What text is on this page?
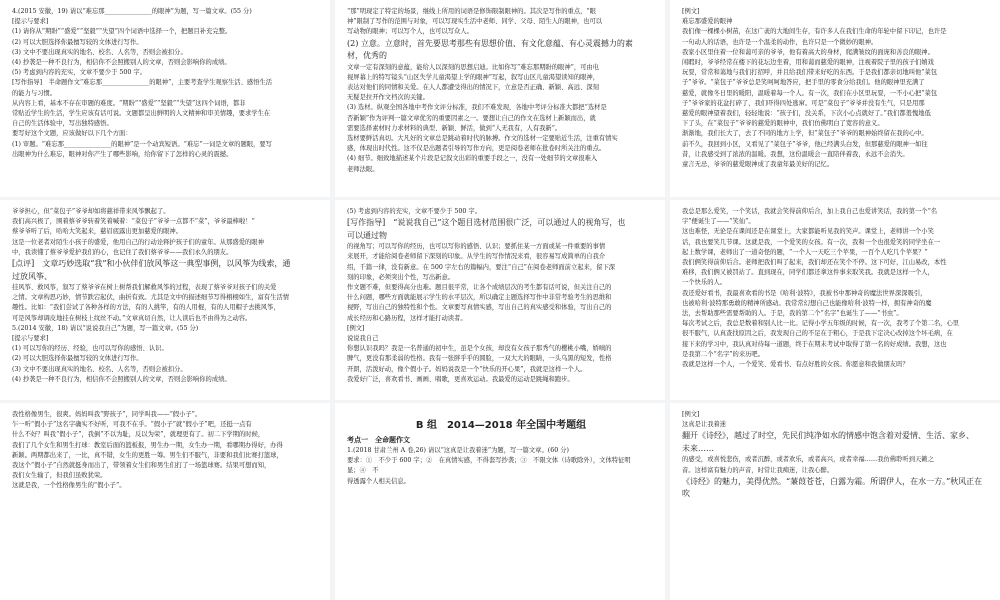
4.(2015 安徽，19) 请以“难忘那_______________的眼神”为题，写一篇文章。(55 分)

[提示与要求]

(1) 请你从“期盼”“盛爱”“坚毅”“失望”四个词语中选择一个，把题目补充完整。

(2) 可以大胆选择你最擅写较的文体进行写作。

(3) 文中不要出现真实的地名、校名、人名等，否则会被扣分。

(4) 抄袭是一种不良行为，相信你不会照搬别人的文章，否则会影响你的成绩。

(5) 考虑到内容的充实，文章不要少于 500 字。

[写作指导]　半命题作文“难忘那_______________的眼神”，主要考查学生观察生活、感悟生活

的能力与习惯。

从内容上看，基本不存在审题的难度。“期盼”“盛爱”“坚毅”“失望”这四个词语，都非

常贴近学生的生活，学生应该有话可说。文题都呈出鲜明的人文精神和审美情趣，要求学生在

自己的生活体验中，写出独特感悟。

要写好这个文题，应该做好以下几个方面：

(1) 审题。“难忘那_______________的眼神”是一个动宾短语。“难忘”一词是文章的题眼，要写

出眼神为什么难忘，眼神对你产生了哪些影响，给你留下了怎样的心灵的震撼。

“那”明现定了特定的场景，继线上所用的词语是修饰限制眼神的。其次是写作的重点，“眼

神”限制了写作的范围与对象，可以写现实生活中老师、同学、父母、陌生人的眼神，也可以

写动物的眼神；可以写个人，也可以写众人。

(2) 立意。立意时，首先要思考那些有思想价值、有文化意蕴、有心灵震撼力的素

材，优秀的

文章一定有深刻的意蕴，能给人以深刻的思想启迪。比如你写“难忘那期盼的眼神”，可由电

视屏幕上的特写镜头“山区失学儿童渴望上学的眼神”写起，叙写山区儿童渴望读知的眼神，

表达对他们的同情和关爱。在人人都遭受得出的情况下，立意是否正确、新颖、高远、深刻

无疑是拉开作文档次的关键。

(3) 选材。纵观全国各地中考作文评分标准，我们不难发现，各地中考评分标准大都把“选材是

否新颖”作为评判一篇文章优劣的重要因素之一。要想让自己的作文在选材上新颖而出，就

需要选择素材时力求材料的典型、新颖、鲜活，做到“人无我有，人有我新”。

选材要鲜活真切。大凡好的文章总是跳动着时代的脉搏。作文的选材一定要贴近生活，注重有情实

感，体现出时代性。这不仅是出题者引导的写作方向，更是阅卷老师在批卷时所关注的重点。

(4) 细节。细致地描述某个片段是记叙文出彩的重要手段之一，没有一处细节的文章很难入

老师法眼。

[例文]

难忘那盛爱的眼神

我们像一棵棵小树苗，在这广袤的大地间生存，有许多人在我们生命的年轮中留下印记，也许是

一句动人的话语，也许是一个温柔的动作，也许只是一个微妙的眼神。

我家小区里住着一位和蔼可亲的爷爷，他有着高大的身材，爬满皱纹的面庞和善良的眼神。

闲暇时，爷爷经常在楼下的花坛边坐着，用和蔼而慈爱的眼神，注视着院子里的孩子们嬉戏

玩耍，常常和蔼地与我们打招呼，并且给我们带来好吃的东西。于是我们都亲切地叫他“菜包

子”爷爷。“菜包子”爷爷总是笑呵呵地答应，把手里的零食分给我们。他的眼神里充满了

慈爱，就像冬日里的暖阳，温暖着每一个人。有一次，我们在小区里玩耍，一不小心把“菜包

子”爷爷家的花盆打碎了，我们吓得四处逃窜。可是“菜包子”爷爷并没有生气，只是用那

慈爱的眼神望着我们，轻轻地说：“孩子们，没关系，下次小心点就好了。”我们都羞愧地低

下了头，在“菜包子”爷爷的慈爱的眼神中，我们仿佛明白了宽容的意义。

渐渐地，我们长大了，去了不同的地方上学，但“菜包子”爷爷的眼神始终留在我的心中。

前不久，我回到小区，又看见了“菜包子”爷爷，他已经满头白发，但那慈爱的眼神一如往

昔，让我感受到了浓浓的温暖。我想，这份温暖会一直陪伴着我，永远不会消失。

童言无忌，爷爷的慈爱眼神成了我童年最美好的记忆。

爷爷担心，但“菜包子”爷爷却如将慈祥带来风筝飘起了。

我们高兴极了，围着蔡爷爷转着笑着喊着：“菜包子”爷爷一点都不“菜”，爷爷最棒啦！”

蔡爷爷听了后，哈哈大笑起来，慈眉底露出更加慈爱的眼神。

这是一位老者对陌生小孩子的盛爱，他用自己的行动诠释护孩子们的童年。从那盛爱的眼神

中，我读懂了蔡爷爷爱护我们的心，也记住了我们蔡爷爷——我们永久的朋友。

[点评]　文章巧妙选取“我”和小伙伴们放风筝这一典型事例，以风筝为线索，通

过放风筝、

挂风筝、救风筝，叙写了蔡爷爷在树上树帮我们解救风筝的过程，表现了蔡爷爷对孩子们的关爱

之情。文章构思巧妙，情节跌宕起伏，曲折有致。尤其是文中的描述细节写得栩栩如生，富有生活情

趣性。比如：“我们尝试了各种各样的方法，有的人挑竿，有的人用棍，有的人用帽子去挑风筝，

可是风筝却调皮地挂在树枝上纹丝不动。”文章真切自然，让人读后也不由得为之动容。

5.(2014 安徽，18) 请以“说说我自己”为题，写一篇文章。(55 分)

[提示与要求]

(1) 可以写你的经历、经验，也可以写你的感悟、认识。

(2) 可以大胆选择你最擅写较的文体进行写作。

(3) 文中不要出现真实的地名、校名、人名等，否则会被扣分。

(4) 抄袭是一种不良行为，相信你不会照搬别人的文章，否则会影响你的成绩。

(5) 考虑到内容的充实，文章不要少于 500 字。

[写作指导]　“说说我自己”这个题目选材范围很广泛，可以通过人的视角写，也

可以通过物

的视角写；可以写你的经历，也可以写你的感悟、认识；要抓住某一方面或某一件重要的事情

来展开，才能给阅卷老师留下深刻的印象。从学生的写作情况来看，很容易写成简单的自我介

绍，千篇一律，没有新意。在 500 字左右的篇幅内，要注“自己”在阅卷老师面前立起来，留下深

刻的印象，必须突出个性，写出新意。

作文题不难，但要得高分也难。题目很平常，让各个成绩层次的考生都有话可说，但关注自己的

什么问题，哪些方面就能展示学生的水平层次，所以确定主题选择写作中非常考验考生的思维和

视野，写出自己的独特性和个性。文章要写真情实感，写出自己的真实感受和体验，写出自己的

成长经历和心路历程，这样才能打动读者。

[例文]

说说我自己

你想认识我吗？我是一名普通的初中生，虽是个女孩，却没有女孩子那秀气的樱桃小嘴，娇嗔的

脾气，更没有那柔弱的性格。我有一张胖乎乎的圆脸，一双大大的眼睛，一头乌黑的短发，性格

开朗，活泼好动，像个假小子。妈妈说我是一个“快乐的开心果”，我就是这样一个人。

我爱好广泛，喜欢看书、画画、唱歌，更喜欢运动。我最爱的运动是跳绳和跑步。

我总是那么爱笑，一个笑话，我就会笑得前仰后合，加上我自己也爱讲笑话，我的第一个“名

字”便诞生了——“笑仙”。

这也难怪，无论是在课间还是在课堂上，大家都能听见我的笑声。课堂上，老师讲一个小笑

话，我也要笑几节课。这就是我，一个爱笑的女孩。有一次，我和一个也很爱笑的同学坐在一

起上数学课，老师出了一道奇怪的题，“一个人一天吃三个苹果，一百个人吃几个苹果？”

我们俩笑得前仰后合。老师把我们叫了起来，我们却还在笑个不停。这下可好，江山易改，本性

难移，我们俩又被罚站了。直到现在，同学们都还拿这件事来取笑我。我就是这样一个人，

一个快乐的人。

我还爱好看书，我最喜欢看的书是《哈利·波特》，我被书中那神奇的魔法世界深深吸引，

也被哈利·波特那勇敢的精神所感动。我常常幻想自己也能像哈利·波特一样，拥有神奇的魔

法，去帮助那些需要帮助的人。于是，我的第二个“名字”也诞生了——“书虫”。

每次考试之后，我总是数着和别人比一比。记得小学五年级的时候，有一次，我考了个第二名，心里

很不服气，认真查找原因之后，我发现自己的不足在于粗心，于是我下定决心改掉这个坏毛病，在

接下来的学习中，我认真对待每一道题，终于在期末考试中取得了第一名的好成绩。我想，这也

是我第二个“名字”的来历吧。

我就是这样一个人，一个爱笑、爱看书、有点好胜的女孩。你愿意和我做朋友吗？

我性格像男生，很爽。妈妈叫我“野孩子”，同学叫我——“假小子”。

乍一听“假小子”这名字确实不好听，可我不在乎。“假小子”就“假小子”吧，还挺一点有

什么不好？叫我“假小子”，我倒“不以为耻，反以为荣”，就理更有了。初二下学期的时候，

我们了几个女生和男生打球：教室后面的篮板报，男生办一期，女生办一期，看哪期办得好，办得

新颖。两期都出来了，一比，真不错，女生的更胜一筹。男生们不服气，非要和我们比赛打篮球，

我这个“假小子”自然就挺身而出了，带领着女生们和男生们打了一场篮球赛。结果可想而知，

我们女生输了，但我们虽败犹荣。

这就是我，一个性格像男生的“假小子”。

B 组　2014—2018 年全国中考题组
考点一　全命题作文

1.(2018 甘肃兰州 A 卷,26) 请以“这真是让我着迷”为题，写一篇文章。(60 分)

要求：①　不少于 600 字；②　在真情实感，不得套写抄袭；③　不限文体（诗歌除外），文体特征明

显；④　不

得透露个人相关信息。

[例文]

这真是让我着迷

翻开《诗经》，越过了时空，先民们纯净如水的情感中饱含着对爱情、生活、家乡、

未来……

的感受，或喜悦悲伤，或者沉醉，或者欢乐，或者高兴，或者幸福……我仿佛聆听到天籁之

音。这样富有魅力的声音，时常让我痴迷，让我心醉。

《诗经》的魅力，美得优然。“蒹葭苍苍，白露为霜。所谓伊人，在水一方。”秋风正在吹
